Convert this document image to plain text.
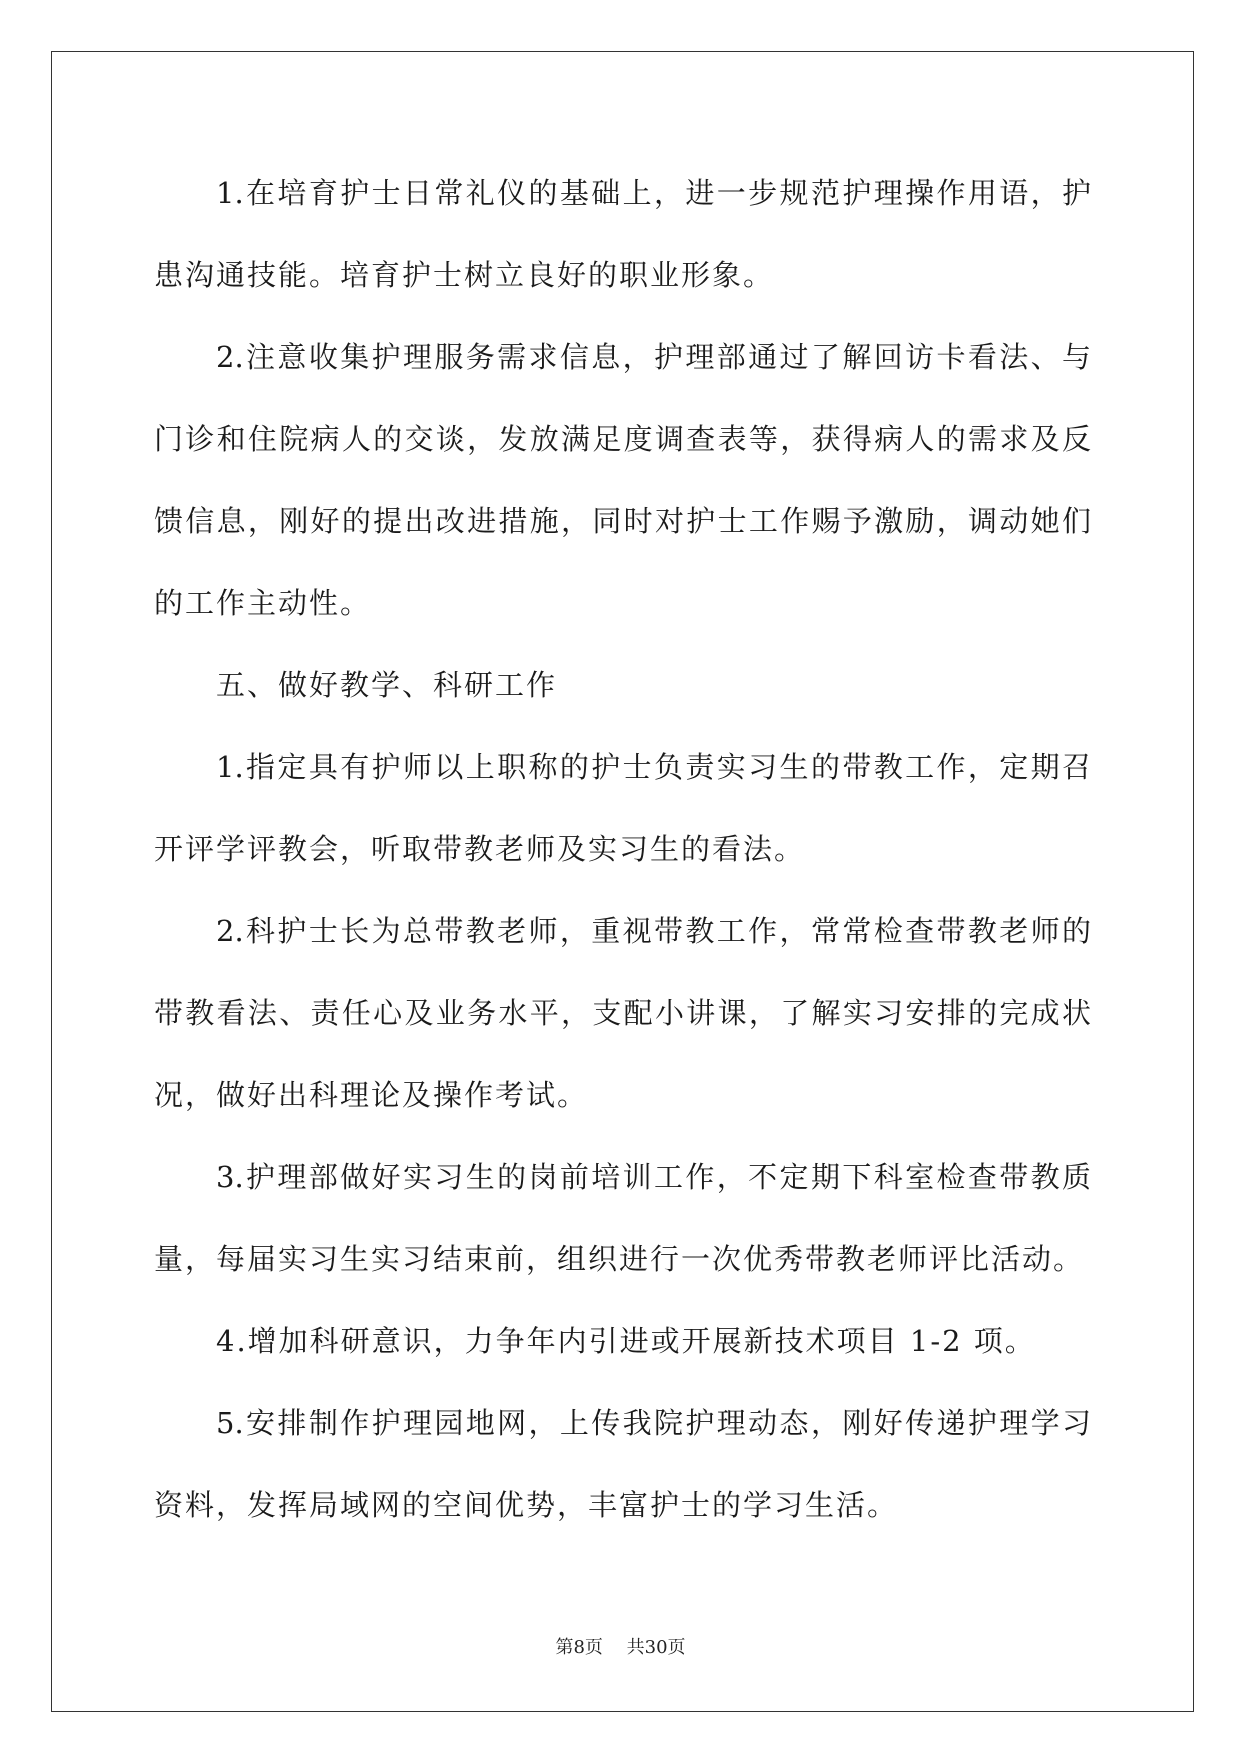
1.在培育护士日常礼仪的基础上，进一步规范护理操作用语，护
患沟通技能。培育护士树立良好的职业形象。
2.注意收集护理服务需求信息，护理部通过了解回访卡看法、与
门诊和住院病人的交谈，发放满足度调查表等，获得病人的需求及反
馈信息，刚好的提出改进措施，同时对护士工作赐予激励，调动她们
的工作主动性。
五、做好教学、科研工作
1.指定具有护师以上职称的护士负责实习生的带教工作，定期召
开评学评教会，听取带教老师及实习生的看法。
2.科护士长为总带教老师，重视带教工作，常常检查带教老师的
带教看法、责任心及业务水平，支配小讲课，了解实习安排的完成状
况，做好出科理论及操作考试。
3.护理部做好实习生的岗前培训工作，不定期下科室检查带教质
量，每届实习生实习结束前，组织进行一次优秀带教老师评比活动。
4.增加科研意识，力争年内引进或开展新技术项目 1-2 项。
5.安排制作护理园地网，上传我院护理动态，刚好传递护理学习
资料，发挥局域网的空间优势，丰富护士的学习生活。
第8页 共30页
